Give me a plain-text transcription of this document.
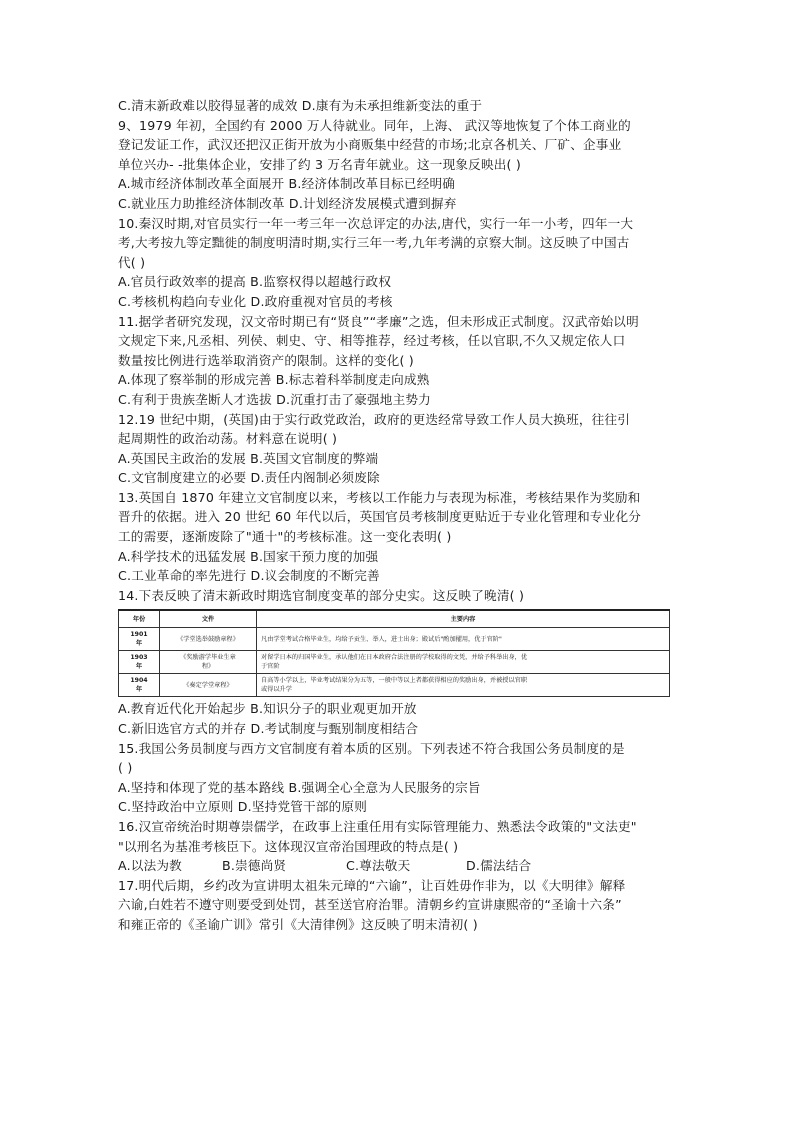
C.清末新政难以胶得显著的成效 D.康有为未承担维新变法的重于
9、1979 年初，全国约有 2000 万人待就业。同年，上海、 武汉等地恢复了个体工商业的
登记发证工作，武汉还把汉正街开放为小商贩集中经营的市场;北京各机关、厂矿、企事业
单位兴办- -批集体企业，安排了约 3 万名青年就业。这一现象反映出( )
A.城市经济体制改革全面展开 B.经济体制改革目标已经明确
C.就业压力助推经济体制改革 D.计划经济发展模式遭到摒弃
10.秦汉时期,对官员实行一年一考三年一次总评定的办法,唐代，实行一年一小考，四年一大
考,大考按九等定黜徙的制度明清时期,实行三年一考,九年考满的京察大制。这反映了中国古
代( )
A.官员行政效率的提高 B.监察权得以超越行政权
C.考核机构趋向专业化 D.政府重视对官员的考核
11.据学者研究发现，汉文帝时期已有“贤良”“孝廉”之选，但未形成正式制度。汉武帝始以明
文规定下来,凡丞相、列侯、刺史、守、相等推荐，经过考核，任以官职,不久又规定依人口
数量按比例进行选举取消资产的限制。这样的变化( )
A.体现了察举制的形成完善 B.标志着科举制度走向成熟
C.有利于贵族垄断人才选拔 D.沉重打击了豪强地主势力
12.19 世纪中期，(英国)由于实行政党政治，政府的更迭经常导致工作人员大换班，往往引
起周期性的政治动荡。材料意在说明( )
A.英国民主政治的发展 B.英国文官制度的弊端
C.文官制度建立的必要 D.责任内阁制必须废除
13.英国自 1870 年建立文官制度以来，考核以工作能力与表现为标准，考核结果作为奖励和
晋升的依据。进入 20 世纪 60 年代以后，英国官员考核制度更贴近于专业化管理和专业化分
工的需要，逐渐废除了"通十"的考核标准。这一变化表明( )
A.科学技术的迅猛发展 B.国家干预力度的加强
C.工业革命的率先进行 D.议会制度的不断完善
14.下表反映了清末新政时期选官制度变革的部分史实。这反映了晚清( )
年份	文件	主要内容
1901
年	《学堂选举鼓励章程》	凡由学堂考试合格毕业生，均给予贡生、举人，进士出身；殿试后"酌加擢用，优于官阶"
1903
年	《奖励游学毕业生章
程》	对留学日本的归国毕业生，承认他们在日本政府合法注册的学校取得的文凭，并给予科举出身，优
于官阶
1904
年	《奏定学堂章程》	自高等小学以上，毕业考试结果分为五等，一般中等以上者都获得相应的奖励出身，并被授以官职
或得以升学
A.教育近代化开始起步 B.知识分子的职业观更加开放
C.新旧选官方式的并存 D.考试制度与甄别制度相结合
15.我国公务员制度与西方文官制度有着本质的区别。下列表述不符合我国公务员制度的是
( )
A.坚持和体现了党的基本路线 B.强调全心全意为人民服务的宗旨
C.坚持政治中立原则 D.坚持党管干部的原则
16.汉宣帝统治时期尊崇儒学，在政事上注重任用有实际管理能力、熟悉法令政策的"文法吏"
"以刑名为基准考核臣下。这体现汉宣帝治国理政的特点是( )
A.以法为教	B.崇德尚贤	C.尊法敬天	D.儒法结合
17.明代后期，乡约改为宣讲明太祖朱元璋的“六谕”，让百姓毋作非为，以《大明律》解释
六谕,白姓若不遵守则要受到处罚，甚至送官府治罪。清朝乡约宣讲康熙帝的“圣谕十六条”
和雍正帝的《圣谕广训》常引《大清律例》这反映了明末清初( )
